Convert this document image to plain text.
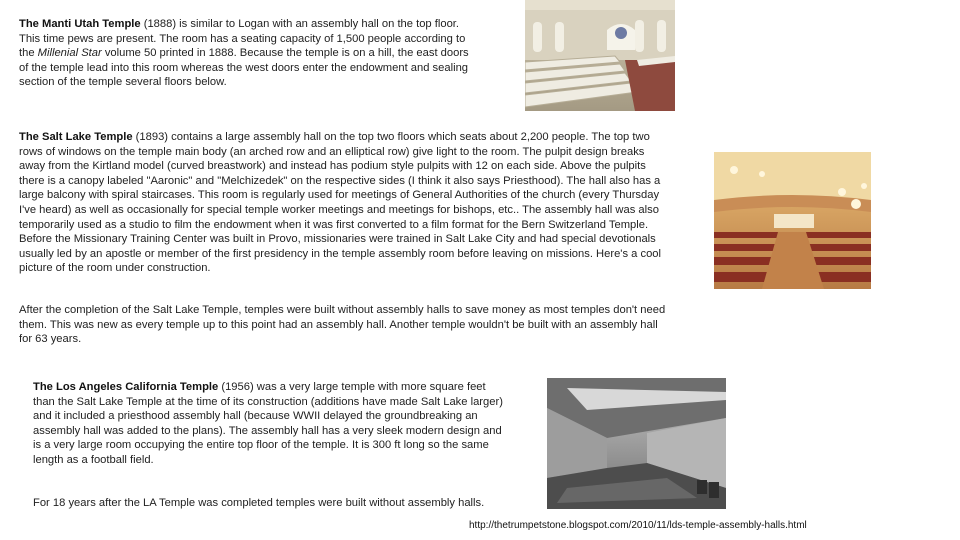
The Manti Utah Temple (1888) is similar to Logan with an assembly hall on the top floor. This time pews are present. The room has a seating capacity of 1,500 people according to the Millenial Star volume 50 printed in 1888. Because the temple is on a hill, the east doors of the temple lead into this room whereas the west doors enter the endowment and sealing section of the temple several floors below.

The Salt Lake Temple (1893) contains a large assembly hall on the top two floors which seats about 2,200 people. The top two rows of windows on the temple main body (an arched row and an elliptical row) give light to the room. The pulpit design breaks away from the Kirtland model (curved breastwork) and instead has podium style pulpits with 12 on each side. Above the pulpits there is a canopy labeled "Aaronic" and "Melchizedek" on the respective sides (I think it also says Priesthood). The hall also has a large balcony with spiral staircases. This room is regularly used for meetings of General Authorities of the church (every Thursday I've heard) as well as occasionally for special temple worker meetings and meetings for bishops, etc.. The assembly hall was also temporarily used as a studio to film the endowment when it was first converted to a film format for the Bern Switzerland Temple. Before the Missionary Training Center was built in Provo, missionaries were trained in Salt Lake City and had special devotionals usually led by an apostle or member of the first presidency in the temple assembly room before leaving on missions. Here's a cool picture of the room under construction.

After the completion of the Salt Lake Temple, temples were built without assembly halls to save money as most temples don't need them. This was new as every temple up to this point had an assembly hall. Another temple wouldn't be built with an assembly hall for 63 years.

The Los Angeles California Temple (1956) was a very large temple with more square feet than the Salt Lake Temple at the time of its construction (additions have made Salt Lake larger) and it included a priesthood assembly hall (because WWII delayed the groundbreaking an assembly hall was added to the plans). The assembly hall has a very sleek modern design and is a very large room occupying the entire top floor of the temple. It is 300 ft long so the same length as a football field.

For 18 years after the LA Temple was completed temples were built without assembly halls.

http://thetrumpetstone.blogspot.com/2010/11/lds-temple-assembly-halls.html
